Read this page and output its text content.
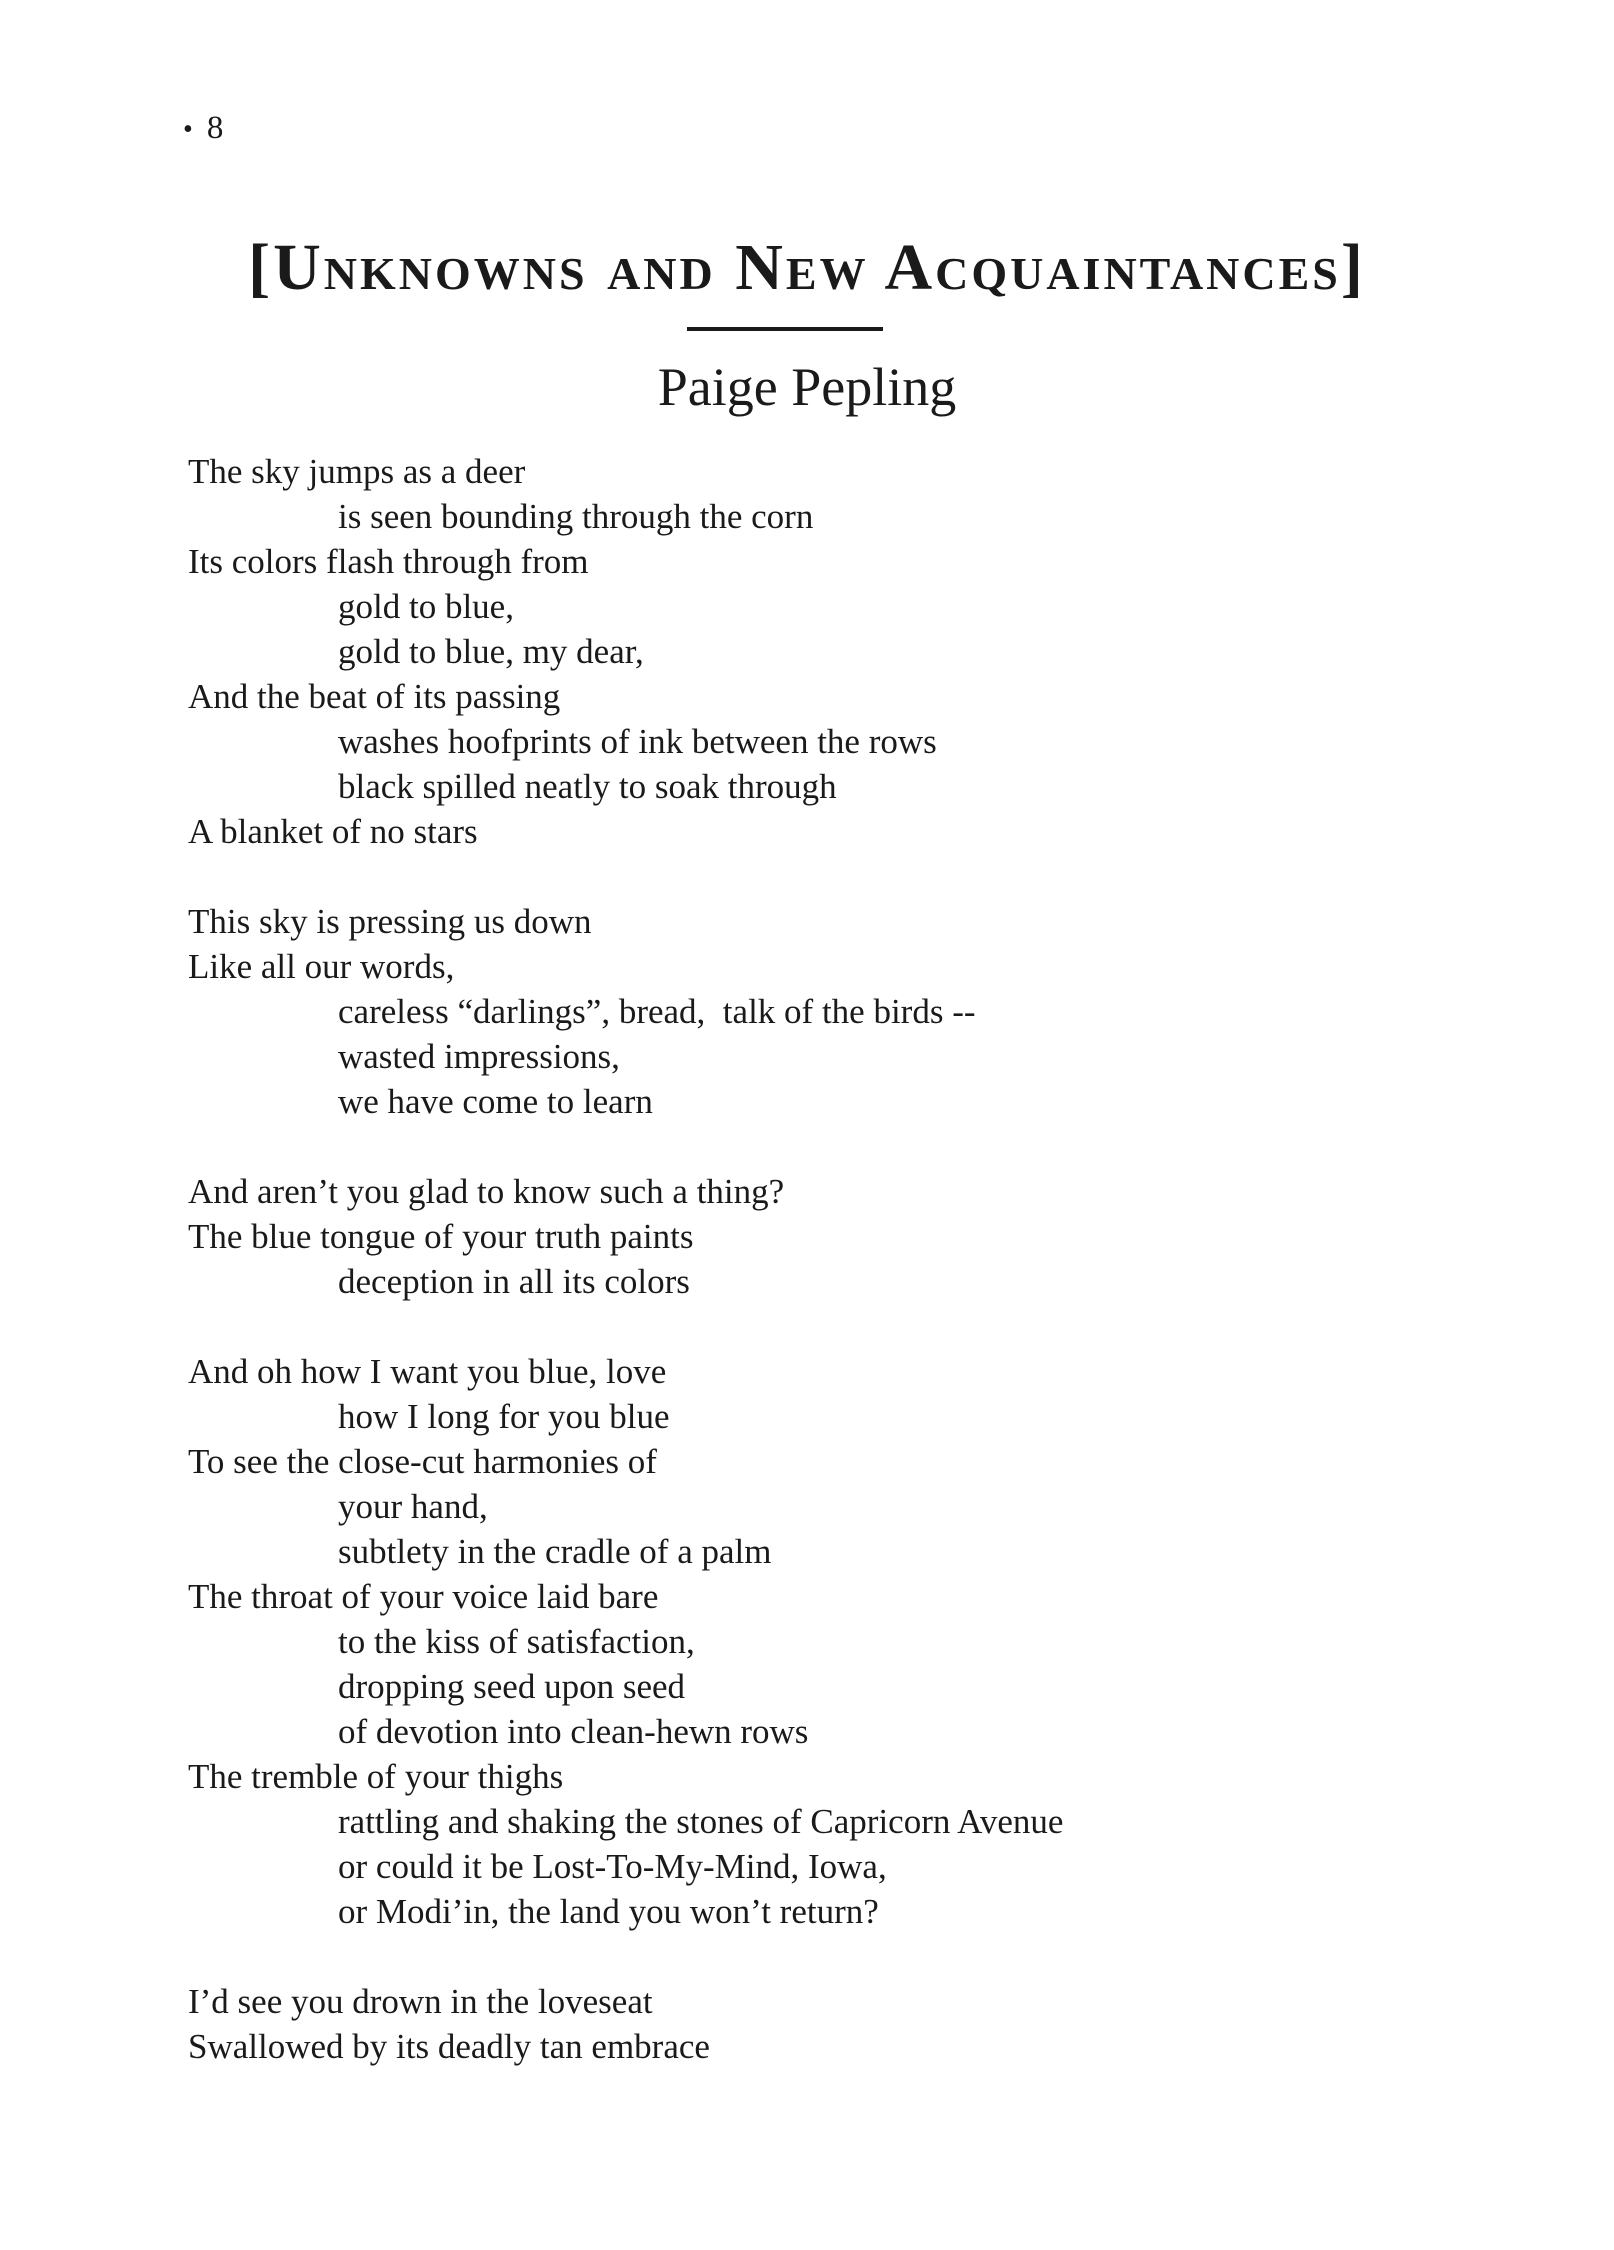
• 8
[Unknowns and New Acquaintances]
Paige Pepling
The sky jumps as a deer
is seen bounding through the corn
Its colors flash through from
gold to blue,
gold to blue, my dear,
And the beat of its passing
washes hoofprints of ink between the rows
black spilled neatly to soak through
A blanket of no stars
This sky is pressing us down
Like all our words,
careless “darlings”, bread,  talk of the birds --
wasted impressions,
we have come to learn
And aren’t you glad to know such a thing?
The blue tongue of your truth paints
deception in all its colors
And oh how I want you blue, love
how I long for you blue
To see the close-cut harmonies of
your hand,
subtlety in the cradle of a palm
The throat of your voice laid bare
to the kiss of satisfaction,
dropping seed upon seed
of devotion into clean-hewn rows
The tremble of your thighs
rattling and shaking the stones of Capricorn Avenue
or could it be Lost-To-My-Mind, Iowa,
or Modi’in, the land you won’t return?
I’d see you drown in the loveseat
Swallowed by its deadly tan embrace
